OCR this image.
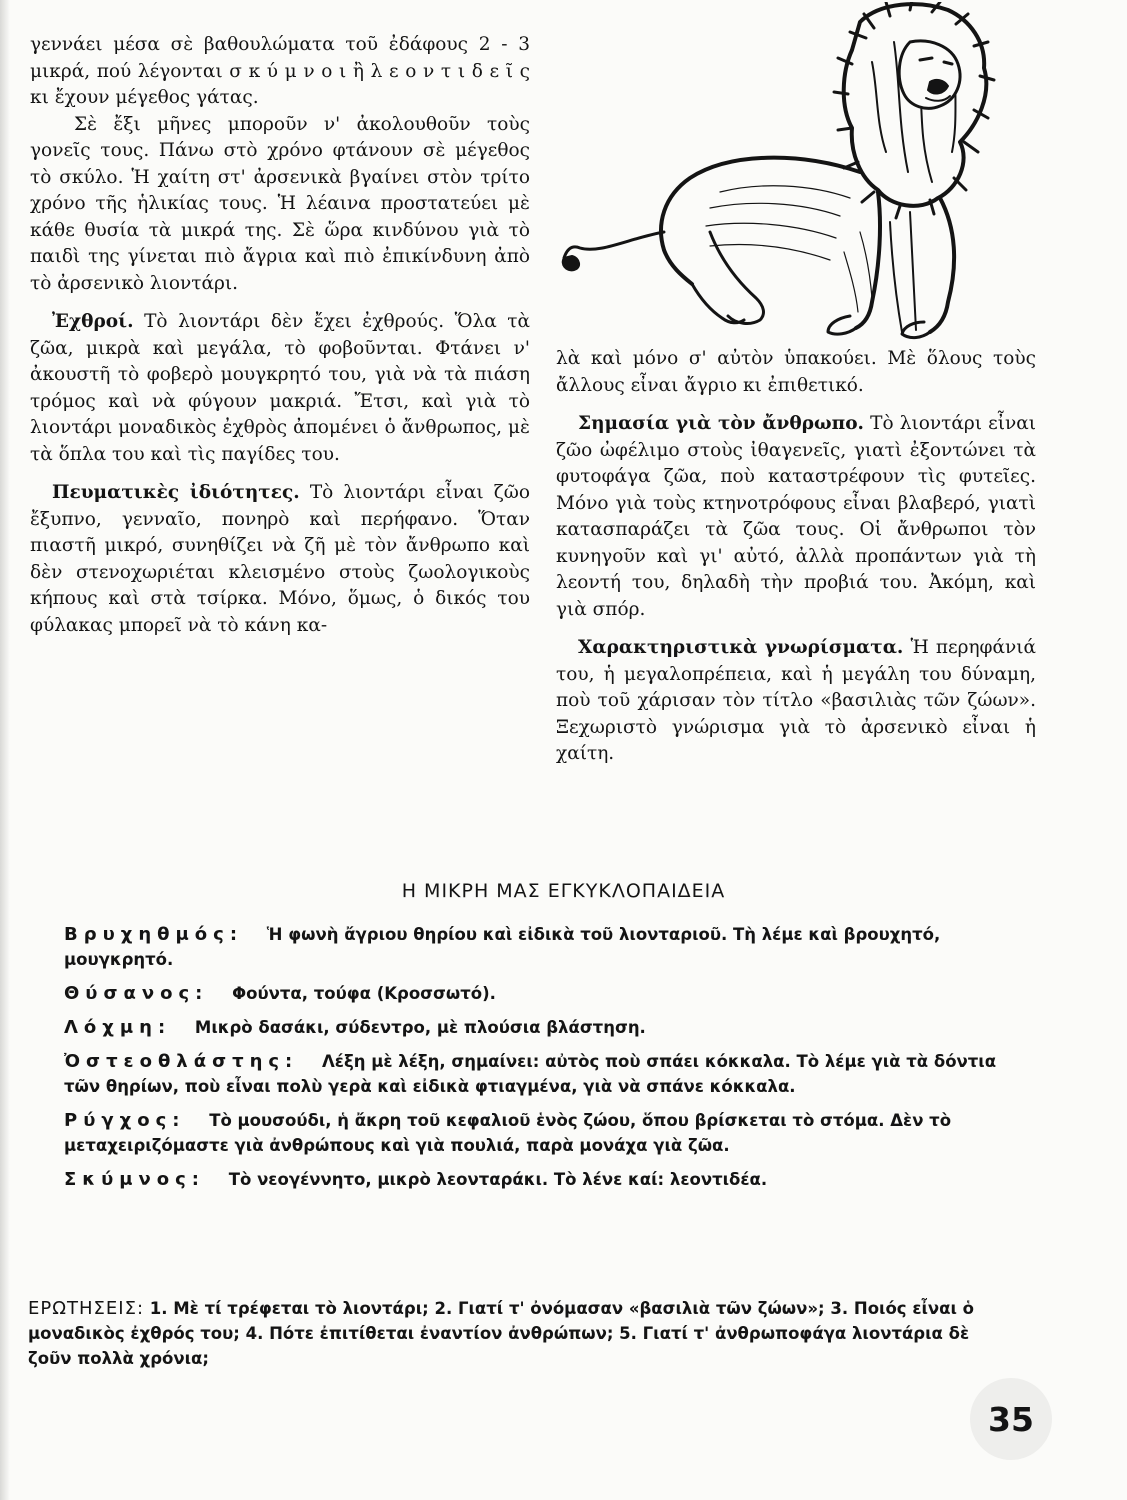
γεννάει μέσα σὲ βαθουλώματα τοῦ ἐδάφους 2 - 3 μικρά, πού λέγονται σ κ ύ μ ν ο ι ἢ λ ε ο ν τ ι δ ε ῖ ς κι ἔχουν μέγεθος γάτας.

Σὲ ἔξι μῆνες μποροῦν ν' ἀκολουθοῦν τοὺς γονεῖς τους. Πάνω στὸ χρόνο φτάνουν σὲ μέγεθος τὸ σκύλο. Ἡ χαίτη στ' ἀρσενικὰ βγαίνει στὸν τρίτο χρόνο τῆς ἡλικίας τους. Ἡ λέαινα προστατεύει μὲ κάθε θυσία τὰ μικρά της. Σὲ ὥρα κινδύνου γιὰ τὸ παιδὶ της γίνεται πιὸ ἄγρια καὶ πιὸ ἐπικίνδυνη ἀπὸ τὸ ἀρσενικὸ λιοντάρι.

Ἐχθροί. Τὸ λιοντάρι δὲν ἔχει ἐχθρούς. Ὅλα τὰ ζῶα, μικρὰ καὶ μεγάλα, τὸ φοβοῦνται. Φτάνει ν' ἀκουστῆ τὸ φοβερὸ μουγκρητό του, γιὰ νὰ τὰ πιάση τρόμος καὶ νὰ φύγουν μακριά. Ἔτσι, καὶ γιὰ τὸ λιοντάρι μοναδικὸς ἐχθρὸς ἀπομένει ὁ ἄνθρωπος, μὲ τὰ ὅπλα του καὶ τὶς παγίδες του.

Πευματικὲς ἰδιότητες. Τὸ λιοντάρι εἶναι ζῶο ἔξυπνο, γενναῖο, πονηρὸ καὶ περήφανο. Ὅταν πιαστῆ μικρό, συνηθίζει νὰ ζῆ μὲ τὸν ἄνθρωπο καὶ δὲν στενοχωριέται κλεισμένο στοὺς ζωολογικοὺς κήπους καὶ στὰ τσίρκα. Μόνο, ὅμως, ὁ δικός του φύλακας μπορεῖ νὰ τὸ κάνη κα-

λὰ καὶ μόνο σ' αὐτὸν ὑπακούει. Μὲ ὅλους τοὺς ἄλλους εἶναι ἄγριο κι ἐπιθετικό.

Σημασία γιὰ τὸν ἄνθρωπο. Τὸ λιοντάρι εἶναι ζῶο ὠφέλιμο στοὺς ἰθαγενεῖς, γιατὶ ἐξοντώνει τὰ φυτοφάγα ζῶα, ποὺ καταστρέφουν τὶς φυτεῖες. Μόνο γιὰ τοὺς κτηνοτρόφους εἶναι βλαβερό, γιατὶ κατασπαράζει τὰ ζῶα τους. Οἱ ἄνθρωποι τὸν κυνηγοῦν καὶ γι' αὐτό, ἀλλὰ προπάντων γιὰ τὴ λεοντή του, δηλαδὴ τὴν προβιά του. Ἀκόμη, καὶ γιὰ σπόρ.

Χαρακτηριστικὰ γνωρίσματα. Ἡ περηφάνιά του, ἡ μεγαλοπρέπεια, καὶ ἡ μεγάλη του δύναμη, ποὺ τοῦ χάρισαν τὸν τίτλο «βασιλιὰς τῶν ζώων». Ξεχωριστὸ γνώρισμα γιὰ τὸ ἀρσενικὸ εἶναι ἡ χαίτη.

Η ΜΙΚΡΗ ΜΑΣ ΕΓΚΥΚΛΟΠΑΙΔΕΙΑ
Βρυχηθμός: Ἡ φωνὴ ἄγριου θηρίου καὶ εἰδικὰ τοῦ λιονταριοῦ. Τὴ λέμε καὶ βρουχητό, μουγκρητό.
Θύσανος: Φούντα, τούφα (Κροσσωτό).
Λόχμη: Μικρὸ δασάκι, σύδεντρο, μὲ πλούσια βλάστηση.
Ὀστεοθλάστης: Λέξη μὲ λέξη, σημαίνει: αὐτὸς ποὺ σπάει κόκκαλα. Τὸ λέμε γιὰ τὰ δόντια τῶν θηρίων, ποὺ εἶναι πολὺ γερὰ καὶ εἰδικὰ φτιαγμένα, γιὰ νὰ σπάνε κόκκαλα.
Ρύγχος: Τὸ μουσούδι, ἡ ἄκρη τοῦ κεφαλιοῦ ἑνὸς ζώου, ὅπου βρίσκεται τὸ στόμα. Δὲν τὸ μεταχειριζόμαστε γιὰ ἀνθρώπους καὶ γιὰ πουλιά, παρὰ μονάχα γιὰ ζῶα.
Σκύμνος: Τὸ νεογέννητο, μικρὸ λεονταράκι. Τὸ λένε καί: λεοντιδέα.
ΕΡΩΤΗΣΕΙΣ: 1. Μὲ τί τρέφεται τὸ λιοντάρι; 2. Γιατί τ' ὀνόμασαν «βασιλιὰ τῶν ζώων»; 3. Ποιός εἶναι ὁ μοναδικὸς ἐχθρός του; 4. Πότε ἐπιτίθεται ἐναντίον ἀνθρώπων; 5. Γιατί τ' ἀνθρωποφάγα λιοντάρια δὲ ζοῦν πολλὰ χρόνια;
35
